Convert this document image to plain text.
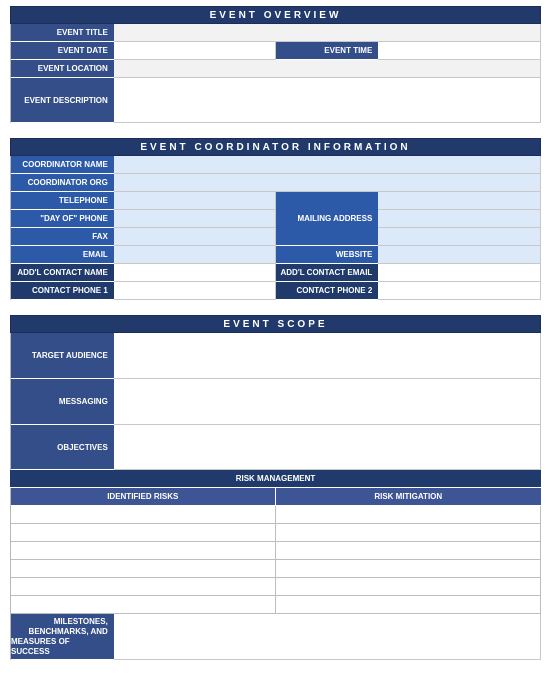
EVENT OVERVIEW
EVENT TITLE
EVENT DATE	EVENT TIME
EVENT LOCATION
EVENT DESCRIPTION
EVENT COORDINATOR INFORMATION
COORDINATOR NAME
COORDINATOR ORG
TELEPHONE
"DAY OF" PHONE
FAX
EMAIL
MAILING ADDRESS
WEBSITE
ADD'L CONTACT NAME	ADD'L CONTACT EMAIL
CONTACT PHONE 1	CONTACT PHONE 2
EVENT SCOPE
TARGET AUDIENCE
MESSAGING
OBJECTIVES
RISK MANAGEMENT
IDENTIFIED RISKS	RISK MITIGATION
MILESTONES,
BENCHMARKS, AND
MEASURES OF SUCCESS
